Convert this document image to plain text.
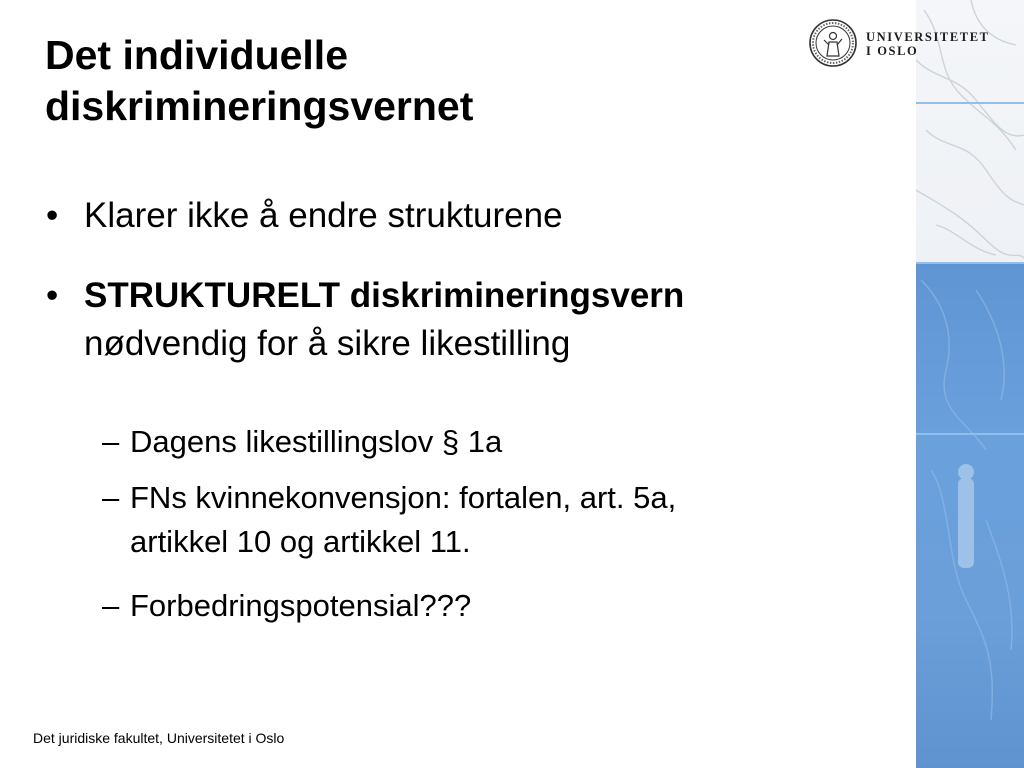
UNIVERSITETET
I OSLO
Det individuelle
diskrimineringsvernet
• Klarer ikke å endre strukturene
• STRUKTURELT diskrimineringsvern
nødvendig for å sikre likestilling
– Dagens likestillingslov § 1a
– FNs kvinnekonvensjon: fortalen, art. 5a,
artikkel 10 og artikkel 11.
– Forbedringspotensial???
Det juridiske fakultet, Universitetet i Oslo
